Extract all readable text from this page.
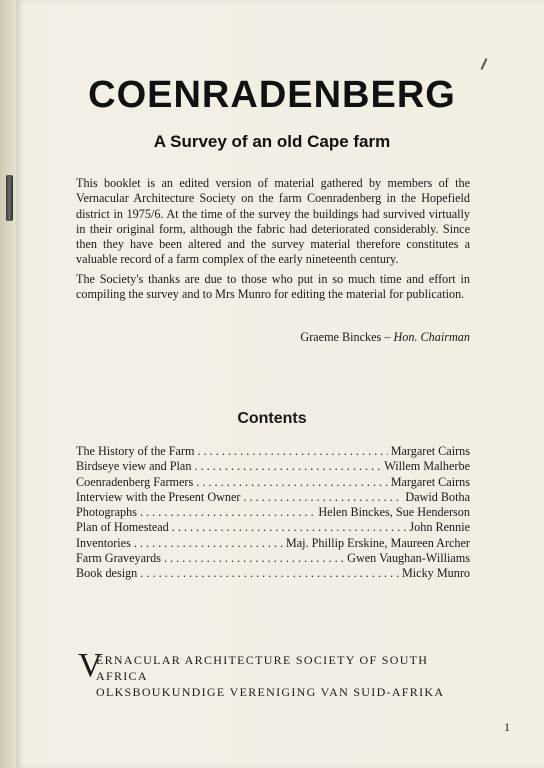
COENRADENBERG
A Survey of an old Cape farm

This booklet is an edited version of material gathered by members of the Vernacular Architecture Society on the farm Coenradenberg in the Hopefield district in 1975/6. At the time of the survey the buildings had survived virtually in their original form, although the fabric had deteriorated considerably. Since then they have been altered and the survey material therefore constitutes a valuable record of a farm complex of the early nineteenth century.

The Society's thanks are due to those who put in so much time and effort in compiling the survey and to Mrs Munro for editing the material for publication.

Graeme Binckes – Hon. Chairman
Contents
The History of the Farm . . .	Margaret Cairns
Birdseye view and Plan . . .	Willem Malherbe
Coenradenberg Farmers . . .	Margaret Cairns
Interview with the Present Owner . . .	Dawid Botha
Photographs . . .	Helen Binckes, Sue Henderson
Plan of Homestead . . .	John Rennie
Inventories . . .	Maj. Phillip Erskine, Maureen Archer
Farm Graveyards . . .	Gwen Vaughan-Williams
Book design . . .	Micky Munro
V
ERNACULAR ARCHITECTURE SOCIETY OF SOUTH AFRICA
OLKSBOUKUNDIGE VERENIGING VAN SUID-AFRIKA
1
